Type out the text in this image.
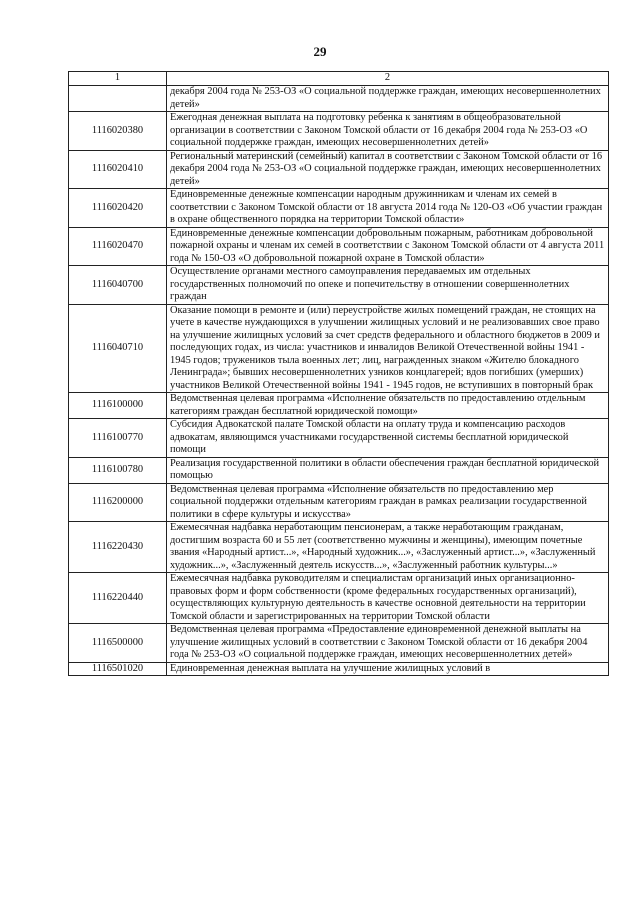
29
1	2
	декабря 2004 года № 253-ОЗ «О социальной поддержке граждан, имеющих несовершеннолетних детей»
1116020380	Ежегодная денежная выплата на подготовку ребенка к занятиям в общеобразовательной организации в соответствии с Законом Томской области от 16 декабря 2004 года № 253-ОЗ «О социальной поддержке граждан, имеющих несовершеннолетних детей»
1116020410	Региональный материнский (семейный) капитал в соответствии с Законом Томской области от 16 декабря 2004 года № 253-ОЗ «О социальной поддержке граждан, имеющих несовершеннолетних детей»
1116020420	Единовременные денежные компенсации народным дружинникам и членам их семей в соответствии с Законом Томской области от 18 августа 2014 года № 120-ОЗ «Об участии граждан в охране общественного порядка на территории Томской области»
1116020470	Единовременные денежные компенсации добровольным пожарным, работникам добровольной пожарной охраны и членам их семей в соответствии с Законом Томской области от 4 августа 2011 года № 150-ОЗ «О добровольной пожарной охране в Томской области»
1116040700	Осуществление органами местного самоуправления передаваемых им отдельных государственных полномочий по опеке и попечительству в отношении совершеннолетних граждан
1116040710	Оказание помощи в ремонте и (или) переустройстве жилых помещений граждан, не стоящих на учете в качестве нуждающихся в улучшении жилищных условий и не реализовавших свое право на улучшение жилищных условий за счет средств федерального и областного бюджетов в 2009 и последующих годах, из числа: участников и инвалидов Великой Отечественной войны 1941 - 1945 годов; тружеников тыла военных лет; лиц, награжденных знаком «Жителю блокадного Ленинграда»; бывших несовершеннолетних узников концлагерей; вдов погибших (умерших) участников Великой Отечественной войны 1941 - 1945 годов, не вступивших в повторный брак
1116100000	Ведомственная целевая программа «Исполнение обязательств по предоставлению отдельным категориям граждан бесплатной юридической помощи»
1116100770	Субсидия Адвокатской палате Томской области на оплату труда и компенсацию расходов адвокатам, являющимся участниками государственной системы бесплатной юридической помощи
1116100780	Реализация государственной политики в области обеспечения граждан бесплатной юридической помощью
1116200000	Ведомственная целевая программа «Исполнение обязательств по предоставлению мер социальной поддержки отдельным категориям граждан в рамках реализации государственной политики в сфере культуры и искусства»
1116220430	Ежемесячная надбавка неработающим пенсионерам, а также неработающим гражданам, достигшим возраста 60 и 55 лет (соответственно мужчины и женщины), имеющим почетные звания «Народный артист...», «Народный художник...», «Заслуженный артист...», «Заслуженный художник...», «Заслуженный деятель искусств...», «Заслуженный работник культуры...»
1116220440	Ежемесячная надбавка руководителям и специалистам организаций иных организационно-правовых форм и форм собственности (кроме федеральных государственных организаций), осуществляющих культурную деятельность в качестве основной деятельности на территории Томской области и зарегистрированных на территории Томской области
1116500000	Ведомственная целевая программа «Предоставление единовременной денежной выплаты на улучшение жилищных условий в соответствии с Законом Томской области от 16 декабря 2004 года № 253-ОЗ «О социальной поддержке граждан, имеющих несовершеннолетних детей»
1116501020	Единовременная денежная выплата на улучшение жилищных условий в
